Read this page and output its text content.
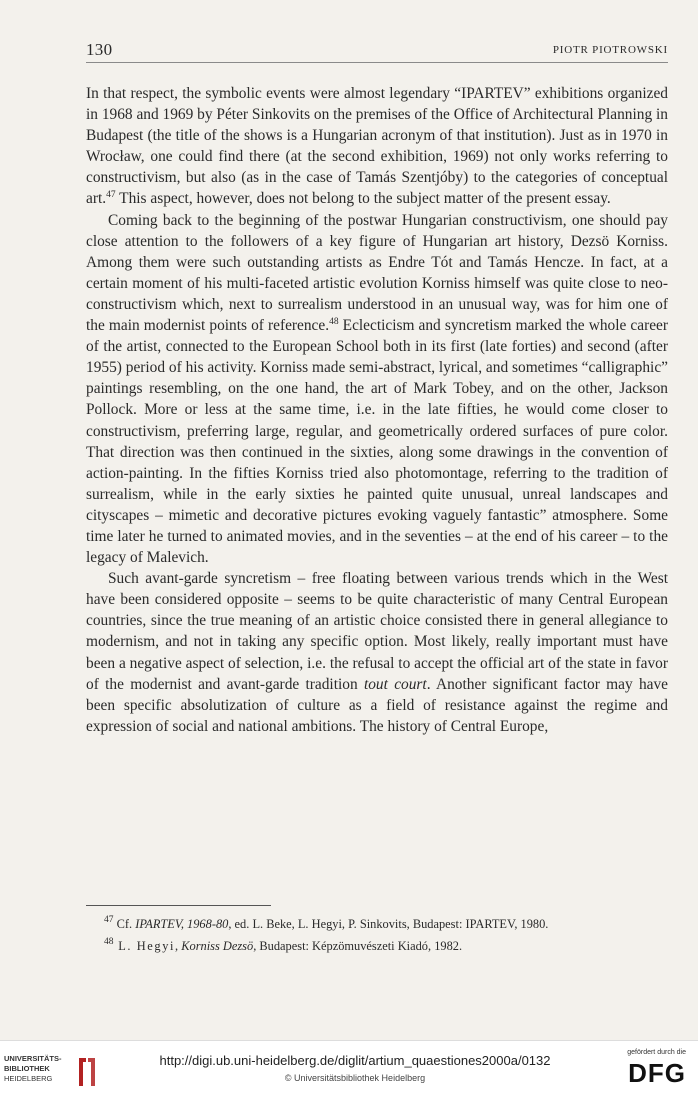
130	PIOTR PIOTROWSKI

In that respect, the symbolic events were almost legendary “IPARTEV” exhibitions organized in 1968 and 1969 by Péter Sinkovits on the premises of the Office of Architectural Planning in Budapest (the title of the shows is a Hungarian acronym of that institution). Just as in 1970 in Wrocław, one could find there (at the second exhibition, 1969) not only works referring to constructivism, but also (as in the case of Tamás Szentjóby) to the categories of conceptual art.$^{47}$ This aspect, however, does not belong to the subject matter of the present essay.

Coming back to the beginning of the postwar Hungarian constructivism, one should pay close attention to the followers of a key figure of Hungarian art history, Dezsö Korniss. Among them were such outstanding artists as Endre Tót and Tamás Hencze. In fact, at a certain moment of his multi-faceted artistic evolution Korniss himself was quite close to neo-constructivism which, next to surrealism understood in an unusual way, was for him one of the main modernist points of reference.$^{48}$ Eclecticism and syncretism marked the whole career of the artist, connected to the European School both in its first (late forties) and second (after 1955) period of his activity. Korniss made semi-abstract, lyrical, and sometimes “calligraphic” paintings resembling, on the one hand, the art of Mark Tobey, and on the other, Jackson Pollock. More or less at the same time, i.e. in the late fifties, he would come closer to constructivism, preferring large, regular, and geometrically ordered surfaces of pure color. That direction was then continued in the sixties, along some drawings in the convention of action-painting. In the fifties Korniss tried also photomontage, referring to the tradition of surrealism, while in the early sixties he painted quite unusual, unreal landscapes and cityscapes – mimetic and decorative pictures evoking vaguely fantastic” atmosphere. Some time later he turned to animated movies, and in the seventies – at the end of his career – to the legacy of Malevich.

Such avant-garde syncretism – free floating between various trends which in the West have been considered opposite – seems to be quite characteristic of many Central European countries, since the true meaning of an artistic choice consisted there in general allegiance to modernism, and not in taking any specific option. Most likely, really important must have been a negative aspect of selection, i.e. the refusal to accept the official art of the state in favor of the modernist and avant-garde tradition tout court. Another significant factor may have been specific absolutization of culture as a field of resistance against the regime and expression of social and national ambitions. The history of Central Europe,

$^{47}$ Cf. IPARTEV, 1968-80, ed. L. Beke, L. Hegyi, P. Sinkovits, Budapest: IPARTEV, 1980.

$^{48}$ L. Hegyi, Korniss Dezsö, Budapest: Képzömuvészeti Kiadó, 1982.

UNIVERSITÄTS-
BIBLIOTHEK
HEIDELBERG
http://digi.ub.uni-heidelberg.de/diglit/artium_quaestiones2000a/0132
© Universitätsbibliothek Heidelberg
gefördert durch die
DFG
